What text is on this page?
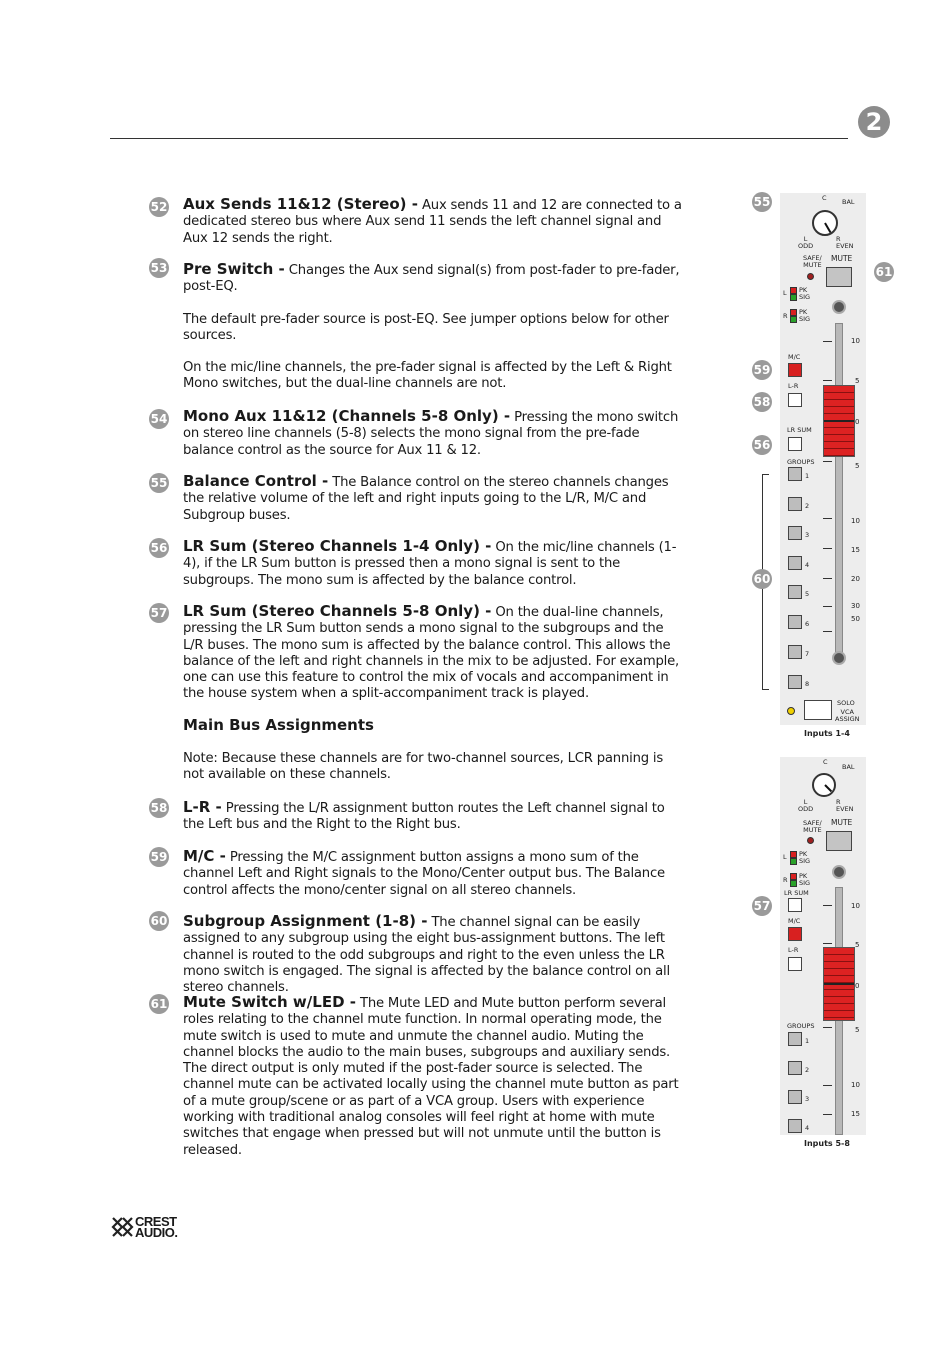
2
52 Aux Sends 11&12 (Stereo) - Aux sends 11 and 12 are connected to a dedicated stereo bus where Aux send 11 sends the left channel signal and Aux 12 sends the right.

53 Pre Switch - Changes the Aux send signal(s) from post-fader to pre-fader, post-EQ.

The default pre-fader source is post-EQ. See jumper options below for other sources.

On the mic/line channels, the pre-fader signal is affected by the Left & Right Mono switches, but the dual-line channels are not.

54 Mono Aux 11&12 (Channels 5-8 Only) - Pressing the mono switch on stereo line channels (5-8) selects the mono signal from the pre-fade balance control as the source for Aux 11 & 12.

55 Balance Control - The Balance control on the stereo channels changes the relative volume of the left and right inputs going to the L/R, M/C and Subgroup buses.

56 LR Sum (Stereo Channels 1-4 Only) - On the mic/line channels (1-4), if the LR Sum button is pressed then a mono signal is sent to the subgroups. The mono sum is affected by the balance control.

57 LR Sum (Stereo Channels 5-8 Only) - On the dual-line channels, pressing the LR Sum button sends a mono signal to the subgroups and the L/R buses. The mono sum is affected by the balance control. This allows the balance of the left and right channels in the mix to be adjusted. For example, one can use this feature to control the mix of vocals and accompaniment in the house system when a split-accompaniment track is played.

Main Bus Assignments
Note: Because these channels are for two-channel sources, LCR panning is not available on these channels.
58 L-R - Pressing the L/R assignment button routes the Left channel signal to the Left bus and the Right to the Right bus.

59 M/C - Pressing the M/C assignment button assigns a mono sum of the channel Left and Right signals to the Mono/Center output bus. The Balance control affects the mono/center signal on all stereo channels.

60 Subgroup Assignment (1-8) - The channel signal can be easily assigned to any subgroup using the eight bus-assignment buttons. The left channel is routed to the odd subgroups and right to the even unless the LR mono switch is engaged. The signal is affected by the balance control on all stereo channels.

61 Mute Switch w/LED - The Mute LED and Mute button perform several roles relating to the channel mute function. In normal operating mode, the mute switch is used to mute and unmute the channel audio. Muting the channel blocks the audio to the main buses, subgroups and auxiliary sends. The direct output is only muted if the post-fader source is selected. The channel mute can be activated locally using the channel mute button as part of a mute group/scene or as part of a VCA group. Users with experience working with traditional analog consoles will feel right at home with mute switches that engage when pressed but will not unmute until the button is released.

C BAL
L
ODD
R
EVEN
SAFE/
MUTE
MUTE
L PK
SIG
R PK
SIG
M/C
L-R
LR SUM
GROUPS
1
2
3
4
5
6
7
8
10
5
0
5
10
15
20
30
50
SOLO
VCA
ASSIGN
Inputs 1-4
55
61
59
58
56
60
C
BAL
L
ODD
R
EVEN
SAFE/
MUTE
MUTE
L PK
SIG
R PK
SIG
LR SUM
M/C
L-R
GROUPS
1
2
3
4
10
5
0
5
10
15
Inputs 5-8
57
CREST
AUDIO.
